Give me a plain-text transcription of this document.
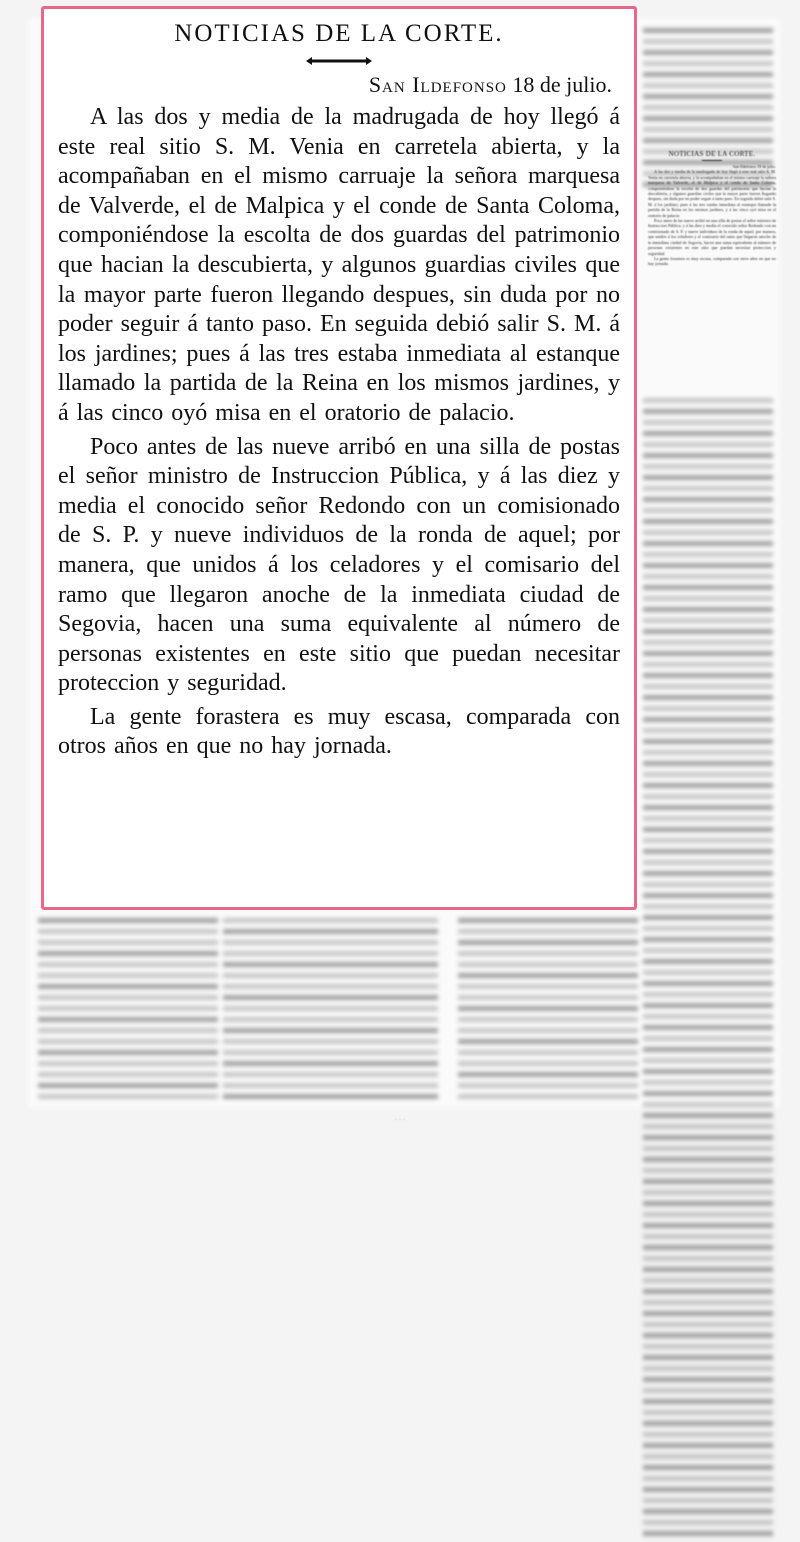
NOTICIAS DE LA CORTE.

San Ildefonso 18 de julio.

A las dos y media de la madrugada de hoy llegó á este real sitio S. M. Venia en carretela abierta, y la acompañaban en el mismo carruaje la señora marquesa de Valverde, el de Malpica y el conde de Santa Coloma, componiéndose la escolta de dos guardas del patrimonio que hacian la descubierta, y algunos guardias civiles que la mayor parte fueron llegando despues, sin duda por no poder seguir á tanto paso. En seguida debió salir S. M. á los jardines; pues á las tres estaba inmediata al estanque llamado la partida de la Reina en los mismos jardines, y á las cinco oyó misa en el oratorio de palacio.

Poco antes de las nueve arribó en una silla de postas el señor ministro de Instruccion Pública, y á las diez y media el conocido señor Redondo con un comisionado de S. P. y nueve individuos de la ronda de aquel; por manera, que unidos á los celadores y el comisario del ramo que llegaron anoche de la inmediata ciudad de Segovia, hacen una suma equivalente al número de personas existentes en este sitio que puedan necesitar proteccion y seguridad.

La gente forastera es muy escasa, comparada con otros años en que no hay jornada.

NOTICIAS DE LA CORTE.
San Ildefonso 18 de julio.

A las dos y media de la madrugada de hoy llegó á este real sitio S. M. Venia en carretela abierta, y la acompañaban en el mismo carruaje la señora marquesa de Valverde, el de Malpica y el conde de Santa Coloma, componiéndose la escolta de dos guardas del patrimonio que hacian la descubierta, y algunos guardias civiles que la mayor parte fueron llegando despues, sin duda por no poder seguir á tanto paso. En seguida debió salir S. M. á los jardines; pues á las tres estaba inmediata al estanque llamado la partida de la Reina en los mismos jardines, y á las cinco oyó misa en el oratorio de palacio.

Poco antes de las nueve arribó en una silla de postas el señor ministro de Instruccion Pública, y á las diez y media el conocido señor Redondo con un comisionado de S. P. y nueve individuos de la ronda de aquel; por manera, que unidos á los celadores y el comisario del ramo que llegaron anoche de la inmediata ciudad de Segovia, hacen una suma equivalente al número de personas existentes en este sitio que puedan necesitar proteccion y seguridad.

La gente forastera es muy escasa, comparada con otros años en que no hay jornada.

· · ·
